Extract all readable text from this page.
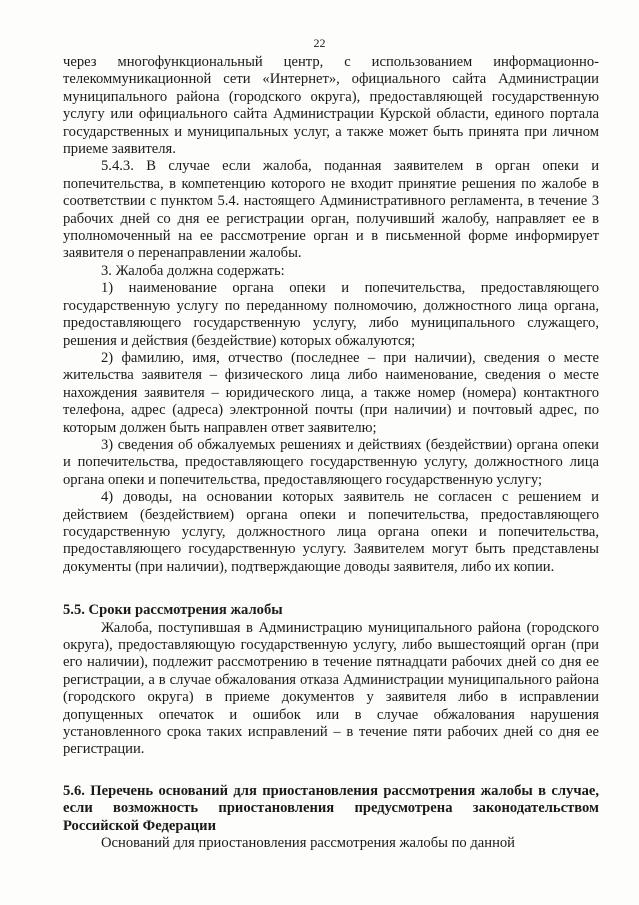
22

через многофункциональный центр, с использованием информационно-телекоммуникационной сети «Интернет», официального сайта Администрации муниципального района (городского округа), предоставляющей государственную услугу или официального сайта Администрации Курской области, единого портала государственных и муниципальных услуг, а также может быть принята при личном приеме заявителя.

5.4.3. В случае если жалоба, поданная заявителем в орган опеки и попечительства, в компетенцию которого не входит принятие решения по жалобе в соответствии с пунктом 5.4. настоящего Административного регламента, в течение 3 рабочих дней со дня ее регистрации орган, получивший жалобу, направляет ее в уполномоченный на ее рассмотрение орган и в письменной форме информирует заявителя о перенаправлении жалобы.

3. Жалоба должна содержать:

1) наименование органа опеки и попечительства, предоставляющего государственную услугу по переданному полномочию, должностного лица органа, предоставляющего государственную услугу, либо муниципального служащего, решения и действия (бездействие) которых обжалуются;

2) фамилию, имя, отчество (последнее – при наличии), сведения о месте жительства заявителя – физического лица либо наименование, сведения о месте нахождения заявителя – юридического лица, а также номер (номера) контактного телефона, адрес (адреса) электронной почты (при наличии) и почтовый адрес, по которым должен быть направлен ответ заявителю;

3) сведения об обжалуемых решениях и действиях (бездействии) органа опеки и попечительства, предоставляющего государственную услугу, должностного лица органа опеки и попечительства, предоставляющего государственную услугу;

4) доводы, на основании которых заявитель не согласен с решением и действием (бездействием) органа опеки и попечительства, предоставляющего государственную услугу, должностного лица органа опеки и попечительства, предоставляющего государственную услугу. Заявителем могут быть представлены документы (при наличии), подтверждающие доводы заявителя, либо их копии.

5.5. Сроки рассмотрения жалобы

Жалоба, поступившая в Администрацию муниципального района (городского округа), предоставляющую государственную услугу, либо вышестоящий орган (при его наличии), подлежит рассмотрению в течение пятнадцати рабочих дней со дня ее регистрации, а в случае обжалования отказа Администрации муниципального района (городского округа) в приеме документов у заявителя либо в исправлении допущенных опечаток и ошибок или в случае обжалования нарушения установленного срока таких исправлений – в течение пяти рабочих дней со дня ее регистрации.

5.6. Перечень оснований для приостановления рассмотрения жалобы в случае, если возможность приостановления предусмотрена законодательством Российской Федерации

Оснований для приостановления рассмотрения жалобы по данной
